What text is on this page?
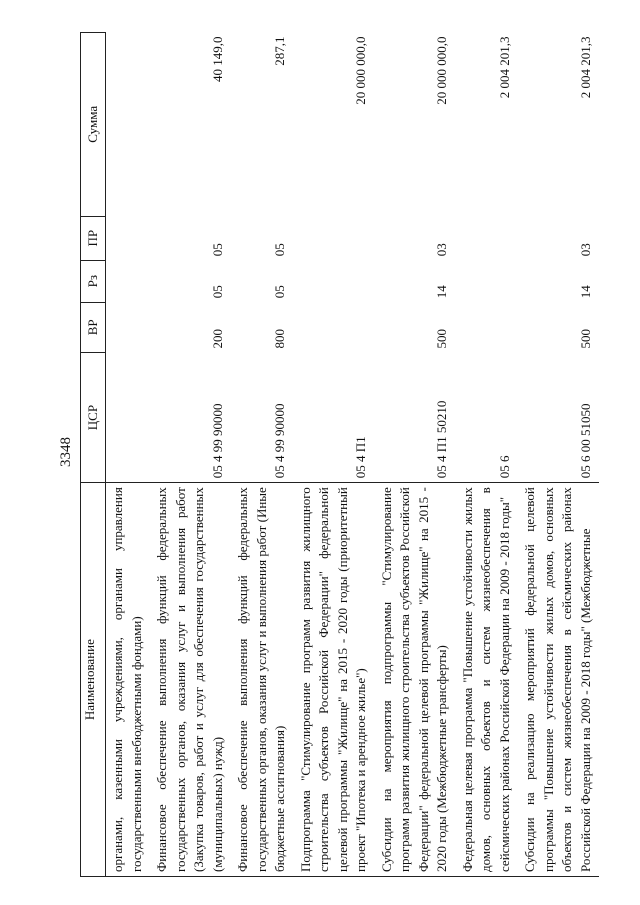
3348
Наименование	ЦСР	ВР	Рз	ПР	Сумма
органами, казенными учреждениями, органами управления государственными внебюджетными фондами)					
Финансовое обеспечение выполнения функций федеральных государственных органов, оказания услуг и выполнения работ (Закупка товаров, работ и услуг для обеспечения государственных (муниципальных) нужд)	05 4 99 90000	200	05	05	40 149,0
Финансовое обеспечение выполнения функций федеральных государственных органов, оказания услуг и выполнения работ (Иные бюджетные ассигнования)	05 4 99 90000	800	05	05	287,1
Подпрограмма "Стимулирование программ развития жилищного строительства субъектов Российской Федерации" федеральной целевой программы "Жилище" на 2015 - 2020 годы (приоритетный проект "Ипотека и арендное жилье")	05 4 П1				20 000 000,0
Субсидии на мероприятия подпрограммы "Стимулирование программ развития жилищного строительства субъектов Российской Федерации" федеральной целевой программы "Жилище" на 2015 - 2020 годы (Межбюджетные трансферты)	05 4 П1 50210	500	14	03	20 000 000,0
Федеральная целевая программа "Повышение устойчивости жилых домов, основных объектов и систем жизнеобеспечения в сейсмических районах Российской Федерации на 2009 - 2018 годы"	05 6				2 004 201,3
Субсидии на реализацию мероприятий федеральной целевой программы "Повышение устойчивости жилых домов, основных объектов и систем жизнеобеспечения в сейсмических районах Российской Федерации на 2009 - 2018 годы" (Межбюджетные	05 6 00 51050	500	14	03	2 004 201,3
